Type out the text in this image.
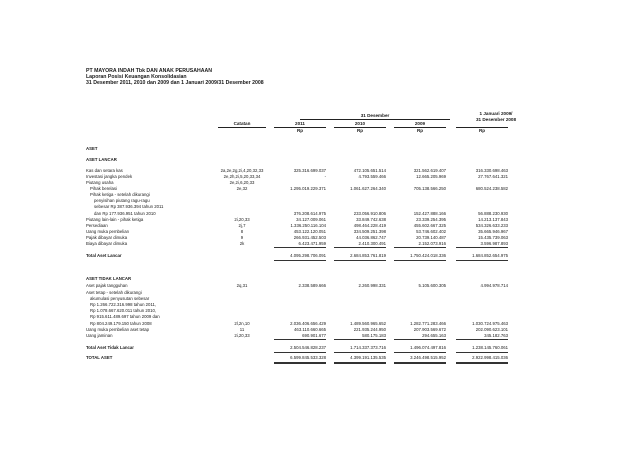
PT MAYORA INDAH Tbk DAN ANAK PERUSAHAAN
Laporan Posisi Keuangan Konsolidasian
31 Desember 2011, 2010 dan 2009 dan 1 Januari 2009/31 Desember 2008
31 Desember	1 Januari 2009/
31 Desember 2008
Catatan	2011	2010	2009
Rp	Rp	Rp	Rp
ASET
ASET LANCAR
Kas dan setara kas	2a,2e,2g,2i,4,20,32,33	325.316.699.037	472.105.651.514	321.562.619.407	316.330.698.463
Investasi jangka pendek	2e,2h,2i,5,20,33,34	-	4.793.559.466	12.665.205.969	27.767.641.321
Piutang usaha	2e,2i,6,20,33
Pihak berelasi	2e,32	1.295.019.229.371	1.061.627.264.340	705.138.566.250	680.524.238.582
Pihak ketiga - setelah dikurangi
penyisihan piutang ragu-ragu
sebesar Rp 387.936.394 tahun 2011
dan Rp 177.936.951 tahun 2010	376.208.614.975	233.056.910.806	152.427.888.166	56.888.230.930
Piutang lain-lain - pihak ketiga	2i,20,33	34.127.009.061	33.849.742.638	23.339.254.395	14.213.137.843
Persediaan	2j,7	1.336.250.116.104	498.464.228.419	455.602.667.325	534.326.633.233
Uang muka pembelian	8	453.122.120.051	334.509.251.398	53.746.602.402	35.665.946.967
Pajak dibayar dimuka	9	266.931.452.503	44.036.862.747	20.739.140.487	15.435.739.063
Biaya dibayar dimuka	2k	6.423.471.959	2.410.300.491	2.152.073.916	3.596.987.893
Total Aset Lancar	4.095.298.706.091	2.684.853.761.819	1.750.424.018.336	1.684.852.654.975
ASET TIDAK LANCAR
Aset pajak tangguhan	2q,31	2.338.589.666	2.260.998.331	5.105.600.305	4.994.978.714
Aset tetap - setelah dikurangi
akumulasi penyusutan sebesar
Rp 1.266.722.316.998 tahun 2011,
Rp 1.078.667.620.011 tahun 2010,
Rp 915.611.489.697 tahun 2009 dan
Rp 804.249.179.150 tahun 2008	2l,2n,10	2.036.406.656.429	1.489.560.965.652	1.282.771.283.466	1.030.724.975.463
Uang muka pembelian aset tetap	11	463.110.660.665	221.935.244.950	207.903.569.672	202.090.623.101
Uang jaminan	2i,20,33	690.901.677	580.175.183	294.655.163	345.182.763
Total Aset Tidak Lancar	2.504.546.828.237	1.714.337.373.716	1.496.074.497.816	1.238.145.760.061
TOTAL ASET	6.599.845.533.328	4.399.191.135.535	3.246.498.515.952	2.922.998.415.036
